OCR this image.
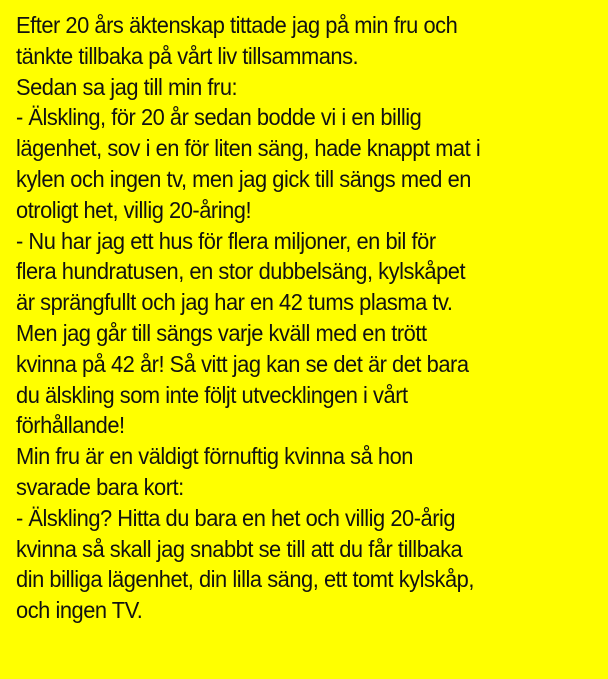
Efter 20 års äktenskap tittade jag på min fru och
tänkte tillbaka på vårt liv tillsammans.
Sedan sa jag till min fru:
- Älskling, för 20 år sedan bodde vi i en billig
lägenhet, sov i en för liten säng, hade knappt mat i
kylen och ingen tv, men jag gick till sängs med en
otroligt het, villig 20-åring!
- Nu har jag ett hus för flera miljoner, en bil för
flera hundratusen, en stor dubbelsäng, kylskåpet
är sprängfullt och jag har en 42 tums plasma tv.
Men jag går till sängs varje kväll med en trött
kvinna på 42 år! Så vitt jag kan se det är det bara
du älskling som inte följt utvecklingen i vårt
förhållande!
Min fru är en väldigt förnuftig kvinna så hon
svarade bara kort:
- Älskling? Hitta du bara en het och villig 20-årig
kvinna så skall jag snabbt se till att du får tillbaka
din billiga lägenhet, din lilla säng, ett tomt kylskåp,
och ingen TV.
